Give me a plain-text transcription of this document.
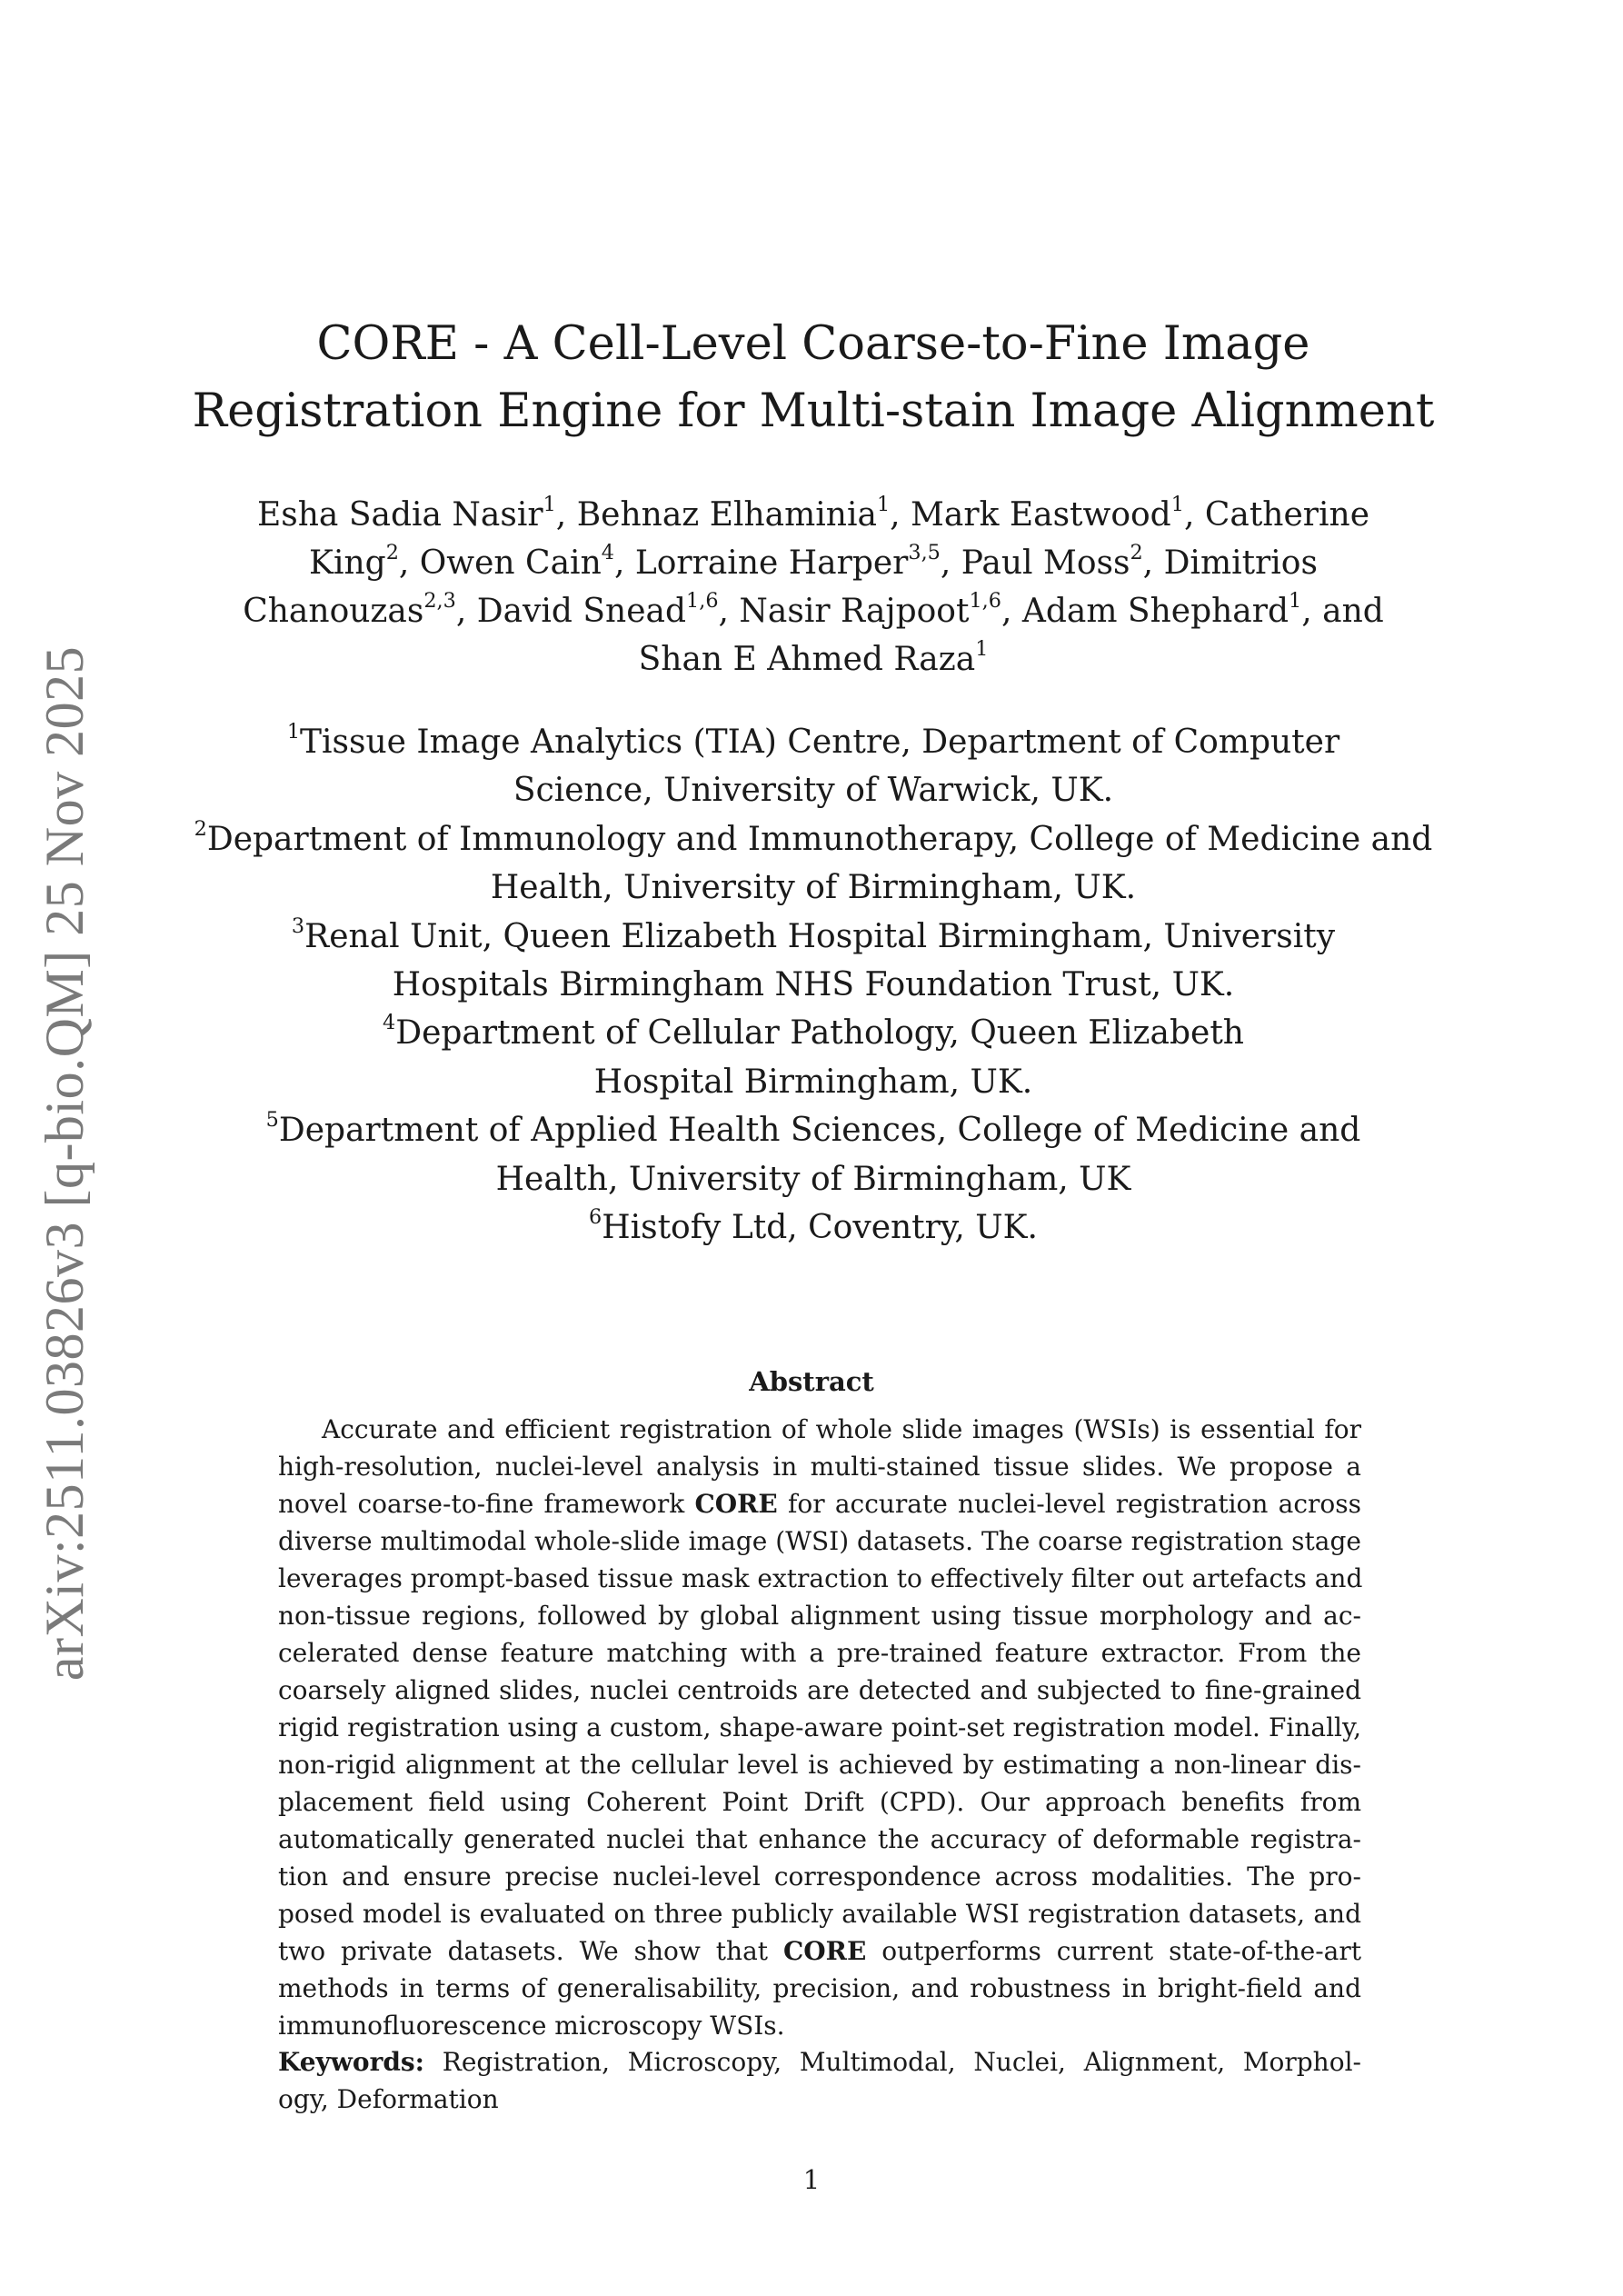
arXiv:2511.03826v3 [q-bio.QM] 25 Nov 2025
CORE - A Cell-Level Coarse-to-Fine Image
Registration Engine for Multi-stain Image Alignment
Esha Sadia Nasir$^1$, Behnaz Elhaminia$^1$, Mark Eastwood$^1$, Catherine
King$^2$, Owen Cain$^4$, Lorraine Harper$^{3,5}$, Paul Moss$^2$, Dimitrios
Chanouzas$^{2,3}$, David Snead$^{1,6}$, Nasir Rajpoot$^{1,6}$, Adam Shephard$^1$, and
Shan E Ahmed Raza$^1$
$^1$Tissue Image Analytics (TIA) Centre, Department of Computer
Science, University of Warwick, UK.
$^2$Department of Immunology and Immunotherapy, College of Medicine and
Health, University of Birmingham, UK.
$^3$Renal Unit, Queen Elizabeth Hospital Birmingham, University
Hospitals Birmingham NHS Foundation Trust, UK.
$^4$Department of Cellular Pathology, Queen Elizabeth
Hospital Birmingham, UK.
$^5$Department of Applied Health Sciences, College of Medicine and
Health, University of Birmingham, UK
$^6$Histofy Ltd, Coventry, UK.
Abstract
Accurate and efficient registration of whole slide images (WSIs) is essential for
high-resolution, nuclei-level analysis in multi-stained tissue slides. We propose a
novel coarse-to-fine framework CORE for accurate nuclei-level registration across
diverse multimodal whole-slide image (WSI) datasets. The coarse registration stage
leverages prompt-based tissue mask extraction to effectively filter out artefacts and
non-tissue regions, followed by global alignment using tissue morphology and ac-
celerated dense feature matching with a pre-trained feature extractor. From the
coarsely aligned slides, nuclei centroids are detected and subjected to fine-grained
rigid registration using a custom, shape-aware point-set registration model. Finally,
non-rigid alignment at the cellular level is achieved by estimating a non-linear dis-
placement field using Coherent Point Drift (CPD). Our approach benefits from
automatically generated nuclei that enhance the accuracy of deformable registra-
tion and ensure precise nuclei-level correspondence across modalities. The pro-
posed model is evaluated on three publicly available WSI registration datasets, and
two private datasets. We show that CORE outperforms current state-of-the-art
methods in terms of generalisability, precision, and robustness in bright-field and
immunofluorescence microscopy WSIs.
Keywords: Registration, Microscopy, Multimodal, Nuclei, Alignment, Morphol-
ogy, Deformation
1
